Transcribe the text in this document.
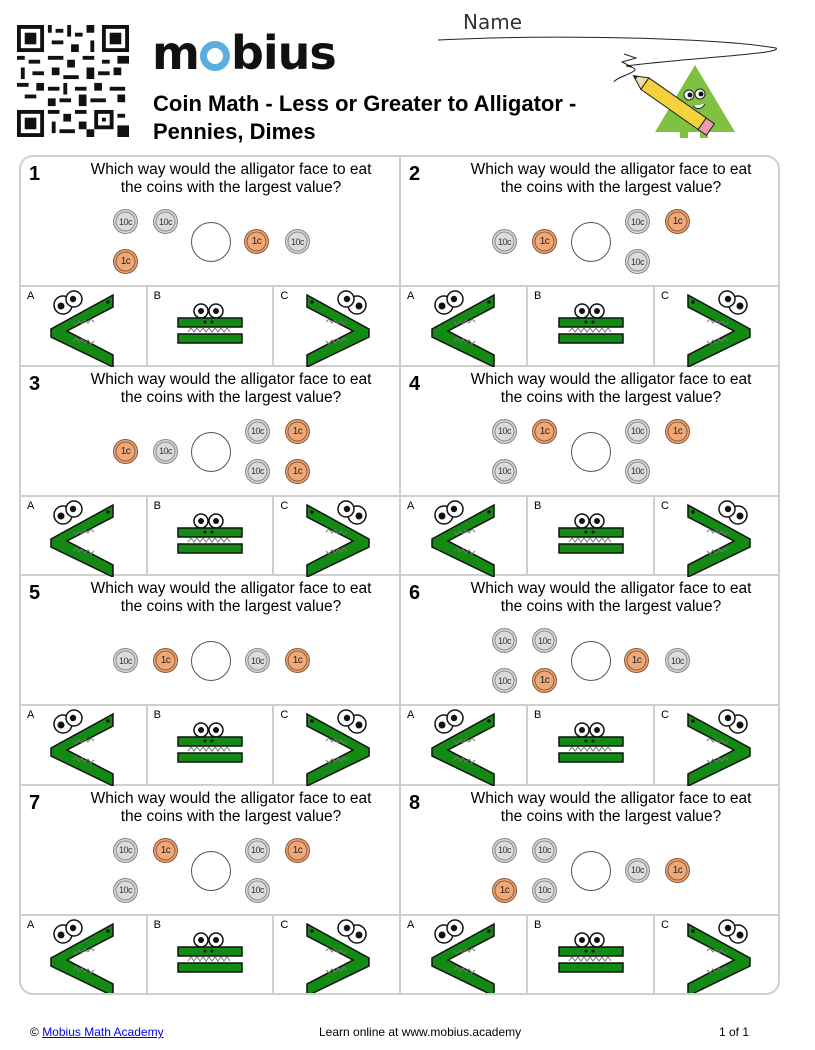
m bius
Coin Math - Less or Greater to Alligator - Pennies, Dimes
Name
1	Which way would the alligator face to eat the coins with the largest value?
10c	10c
1c
1c	10c
A	B	C
2	Which way would the alligator face to eat the coins with the largest value?
10c	1c
10c	1c
10c
A	B	C
3	Which way would the alligator face to eat the coins with the largest value?
1c	10c
10c	1c
10c	1c
A	B	C
4	Which way would the alligator face to eat the coins with the largest value?
10c	1c
10c
10c	1c
10c
A	B	C
5	Which way would the alligator face to eat the coins with the largest value?
10c	1c	10c	1c
A	B	C
6	Which way would the alligator face to eat the coins with the largest value?
10c	10c
10c	1c
1c	10c
A	B	C
7	Which way would the alligator face to eat the coins with the largest value?
10c	1c
10c
10c	1c
10c
A	B	C
8	Which way would the alligator face to eat the coins with the largest value?
10c	10c
1c	10c
10c	1c
A	B	C
© Mobius Math Academy	Learn online at www.mobius.academy	1 of 1
